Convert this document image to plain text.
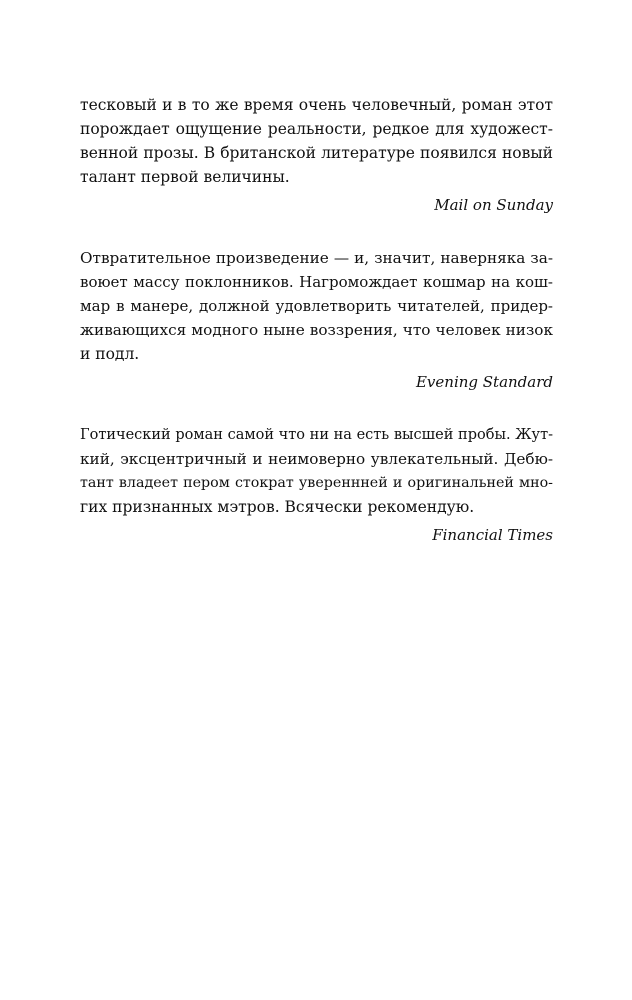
тесковый и в то же время очень человечный, роман этот
порождает ощущение реальности, редкое для художест-
венной прозы. В британской литературе появился новый
талант первой величины.

Mail on Sunday

Отвратительное произведение — и, значит, наверняка за-
воюет массу поклонников. Нагромождает кошмар на кош-
мар в манере, должной удовлетворить читателей, придер-
живающихся модного ныне воззрения, что человек низок
и подл.

Evening Standard

Готический роман самой что ни на есть высшей пробы. Жут-
кий, эксцентричный и неимоверно увлекательный. Дебю-
тант владеет пером стократ увереннней и оригинальней мно-
гих признанных мэтров. Всячески рекомендую.

Financial Times
